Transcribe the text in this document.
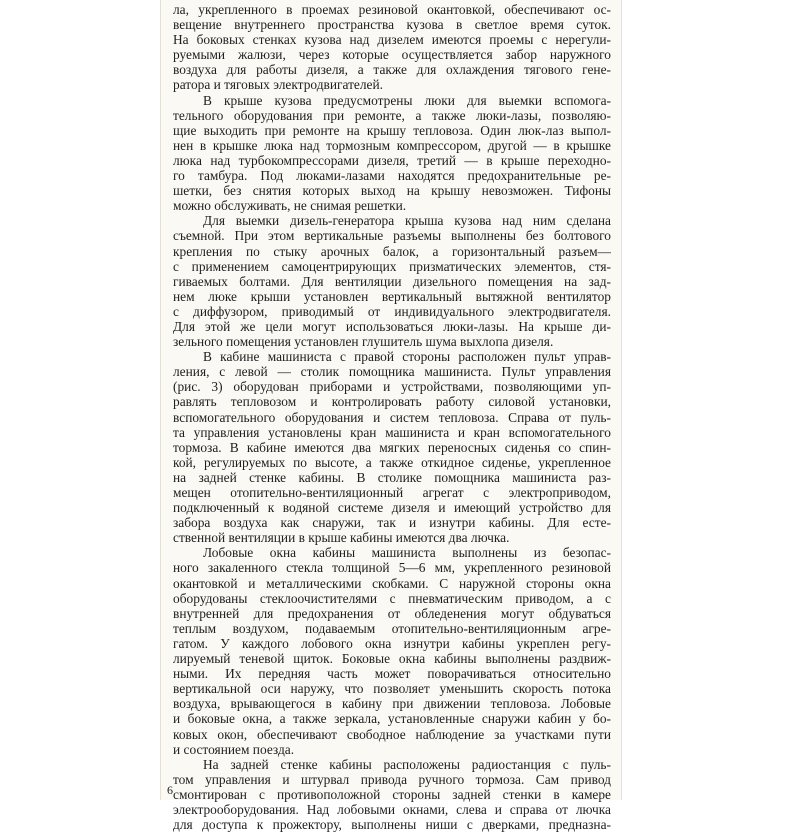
ла, укрепленного в проемах резиновой окантовкой, обеспечивают ос-
вещение внутреннего пространства кузова в светлое время суток.
На боковых стенках кузова над дизелем имеются проемы с нерегули-
руемыми жалюзи, через которые осуществляется забор наружного
воздуха для работы дизеля, а также для охлаждения тягового гене-
ратора и тяговых электродвигателей.
В крыше кузова предусмотрены люки для выемки вспомога-
тельного оборудования при ремонте, а также люки-лазы, позволяю-
щие выходить при ремонте на крышу тепловоза. Один люк-лаз выпол-
нен в крышке люка над тормозным компрессором, другой — в крышке
люка над турбокомпрессорами дизеля, третий — в крыше переходно-
го тамбура. Под люками-лазами находятся предохранительные ре-
шетки, без снятия которых выход на крышу невозможен. Тифоны
можно обслуживать, не снимая решетки.
Для выемки дизель-генератора крыша кузова над ним сделана
съемной. При этом вертикальные разъемы выполнены без болтового
крепления по стыку арочных балок, а горизонтальный разъем—
с применением самоцентрирующих призматических элементов, стя-
гиваемых болтами. Для вентиляции дизельного помещения на зад-
нем люке крыши установлен вертикальный вытяжной вентилятор
с диффузором, приводимый от индивидуального электродвигателя.
Для этой же цели могут использоваться люки-лазы. На крыше ди-
зельного помещения установлен глушитель шума выхлопа дизеля.
В кабине машиниста с правой стороны расположен пульт управ-
ления, с левой — столик помощника машиниста. Пульт управления
(рис. 3) оборудован приборами и устройствами, позволяющими уп-
равлять тепловозом и контролировать работу силовой установки,
вспомогательного оборудования и систем тепловоза. Справа от пуль-
та управления установлены кран машиниста и кран вспомогательного
тормоза. В кабине имеются два мягких переносных сиденья со спин-
кой, регулируемых по высоте, а также откидное сиденье, укрепленное
на задней стенке кабины. В столике помощника машиниста раз-
мещен отопительно-вентиляционный агрегат с электроприводом,
подключенный к водяной системе дизеля и имеющий устройство для
забора воздуха как снаружи, так и изнутри кабины. Для есте-
ственной вентиляции в крыше кабины имеются два лючка.
Лобовые окна кабины машиниста выполнены из безопас-
ного закаленного стекла толщиной 5—6 мм, укрепленного резиновой
окантовкой и металлическими скобками. С наружной стороны окна
оборудованы стеклоочистителями с пневматическим приводом, а с
внутренней для предохранения от обледенения могут обдуваться
теплым воздухом, подаваемым отопительно-вентиляционным агре-
гатом. У каждого лобового окна изнутри кабины укреплен регу-
лируемый теневой щиток. Боковые окна кабины выполнены раздвиж-
ными. Их передняя часть может поворачиваться относительно
вертикальной оси наружу, что позволяет уменьшить скорость потока
воздуха, врывающегося в кабину при движении тепловоза. Лобовые
и боковые окна, а также зеркала, установленные снаружи кабин у бо-
ковых окон, обеспечивают свободное наблюдение за участками пути
и состоянием поезда.
На задней стенке кабины расположены радиостанция с пуль-
том управления и штурвал привода ручного тормоза. Сам привод
смонтирован с противоположной стороны задней стенки в камере
электрооборудования. Над лобовыми окнами, слева и справа от лючка
для доступа к прожектору, выполнены ниши с дверками, предназна-
6
